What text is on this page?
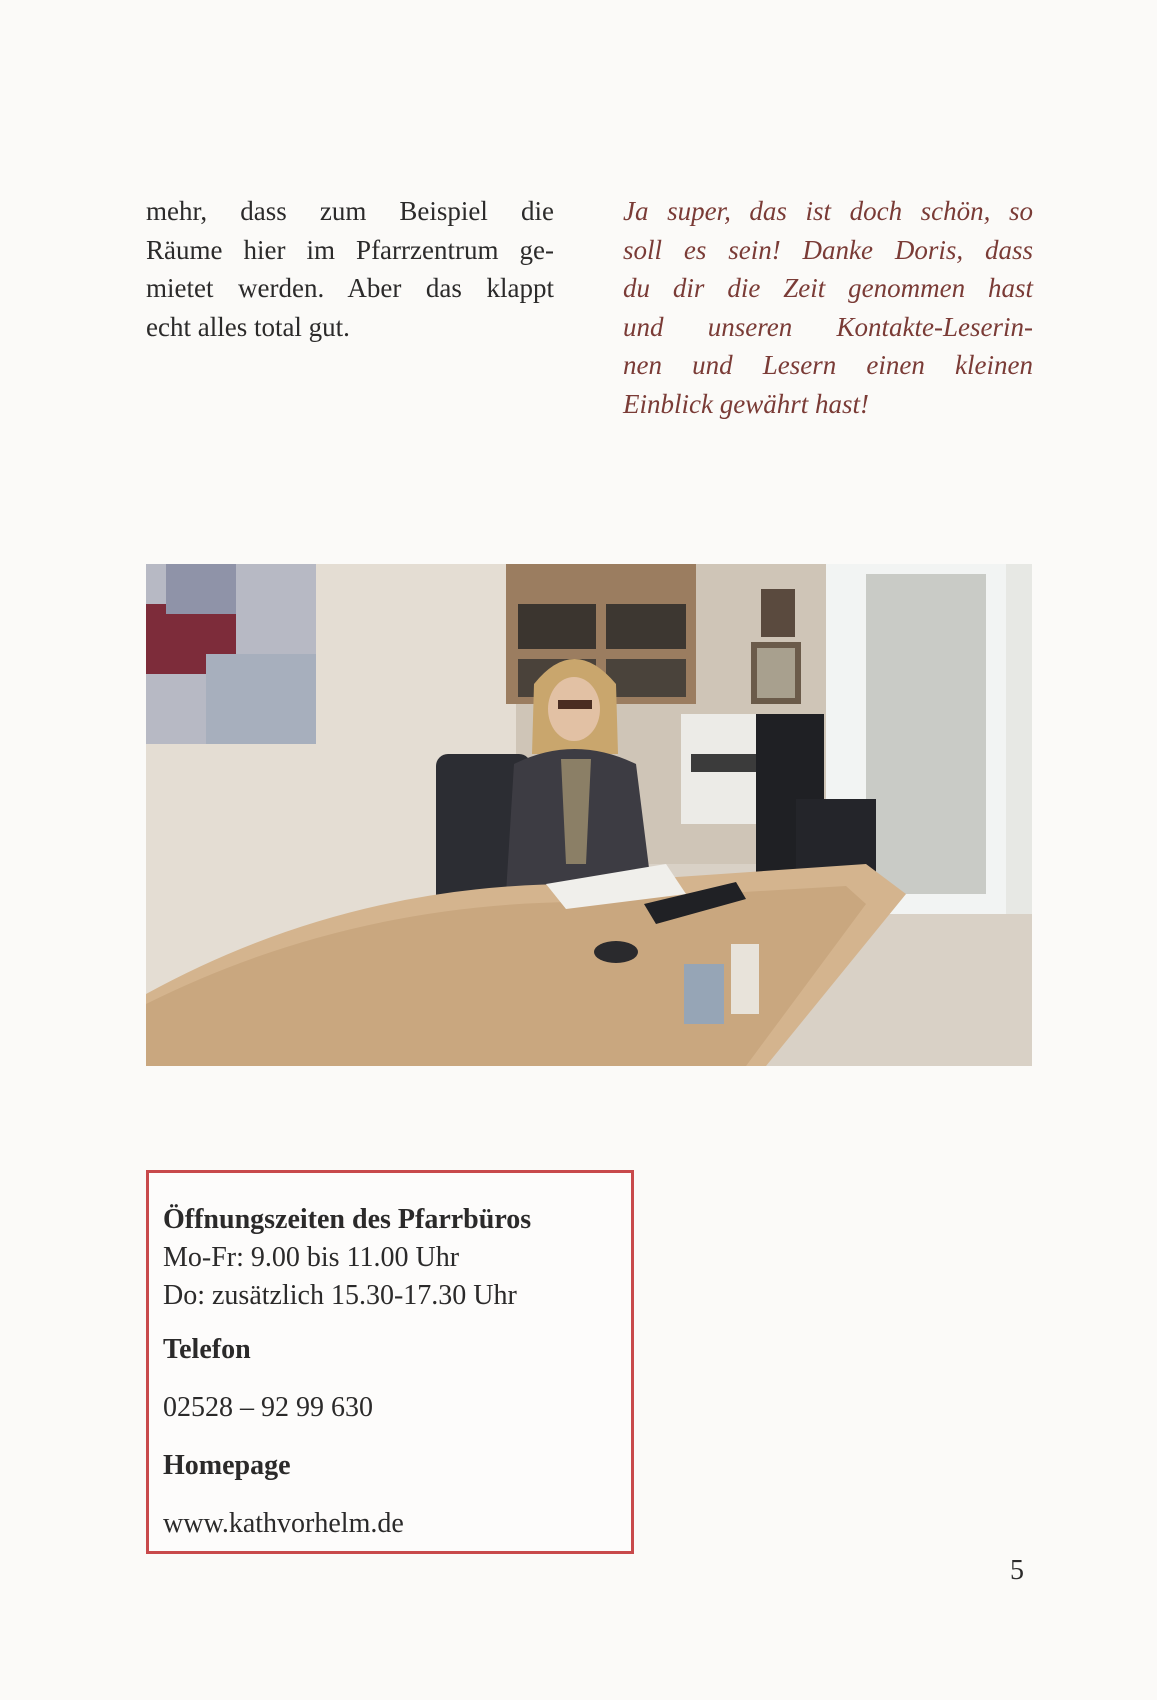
mehr, dass zum Beispiel die
Räume hier im Pfarrzentrum ge-
mietet werden. Aber das klappt
echt alles total gut.
Ja super, das ist doch schön, so
soll es sein! Danke Doris, dass
du dir die Zeit genommen hast
und unseren Kontakte-Leserin-
nen und Lesern einen kleinen
Einblick gewährt hast!
Öffnungszeiten des Pfarrbüros
Mo-Fr: 9.00 bis 11.00 Uhr
Do: zusätzlich 15.30-17.30 Uhr
Telefon
02528 – 92 99 630
Homepage
www.kathvorhelm.de
5
